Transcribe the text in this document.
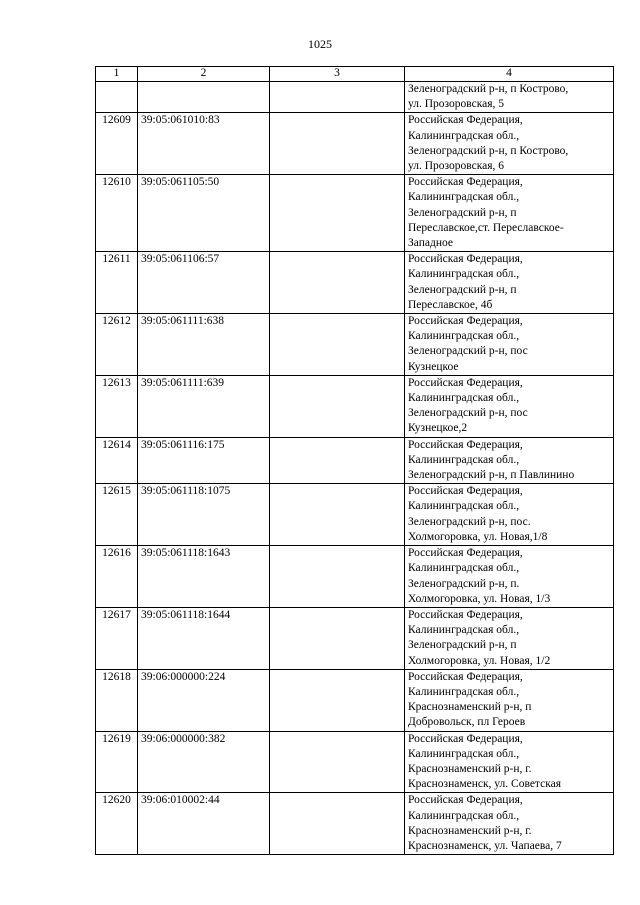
1025
1	2	3	4

			Зеленоградский р-н, п Кострово,
ул. Прозоровская, 5

12609	39:05:061010:83		Российская Федерация,
Калининградская обл.,
Зеленоградский р-н, п Кострово,
ул. Прозоровская, 6

12610	39:05:061105:50		Российская Федерация,
Калининградская обл.,
Зеленоградский р-н, п
Переславское,ст. Переславское-
Западное

12611	39:05:061106:57		Российская Федерация,
Калининградская обл.,
Зеленоградский р-н, п
Переславское, 4б

12612	39:05:061111:638		Российская Федерация,
Калининградская обл.,
Зеленоградский р-н, пос
Кузнецкое

12613	39:05:061111:639		Российская Федерация,
Калининградская обл.,
Зеленоградский р-н, пос
Кузнецкое,2

12614	39:05:061116:175		Российская Федерация,
Калининградская обл.,
Зеленоградский р-н, п Павлинино

12615	39:05:061118:1075		Российская Федерация,
Калининградская обл.,
Зеленоградский р-н, пос.
Холмогоровка, ул. Новая,1/8

12616	39:05:061118:1643		Российская Федерация,
Калининградская обл.,
Зеленоградский р-н, п.
Холмогоровка, ул. Новая, 1/3

12617	39:05:061118:1644		Российская Федерация,
Калининградская обл.,
Зеленоградский р-н, п
Холмогоровка, ул. Новая, 1/2

12618	39:06:000000:224		Российская Федерация,
Калининградская обл.,
Краснознаменский р-н, п
Добровольск, пл Героев

12619	39:06:000000:382		Российская Федерация,
Калининградская обл.,
Краснознаменский р-н, г.
Краснознаменск, ул. Советская

12620	39:06:010002:44		Российская Федерация,
Калининградская обл.,
Краснознаменский р-н, г.
Краснознаменск, ул. Чапаева, 7
